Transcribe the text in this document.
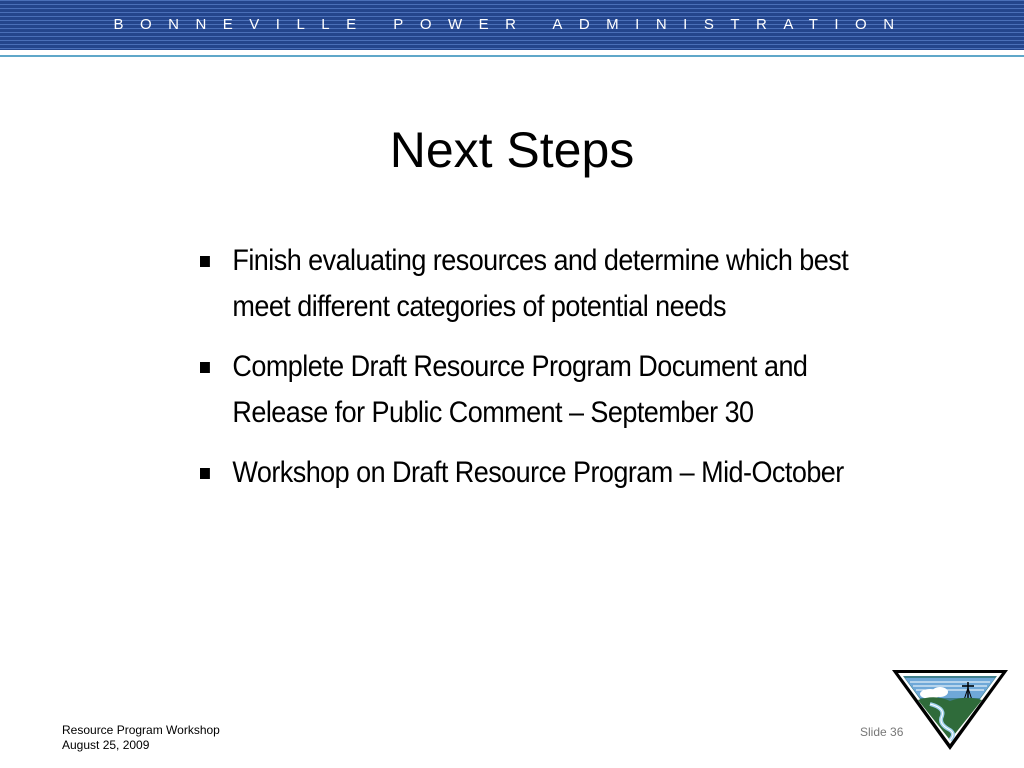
BONNEVILLE POWER ADMINISTRATION
Next Steps
Finish evaluating resources and determine which best meet different categories of potential needs
Complete Draft Resource Program Document and Release for Public Comment – September 30
Workshop on Draft Resource Program – Mid-October
Resource Program Workshop
August 25, 2009
Slide 36
